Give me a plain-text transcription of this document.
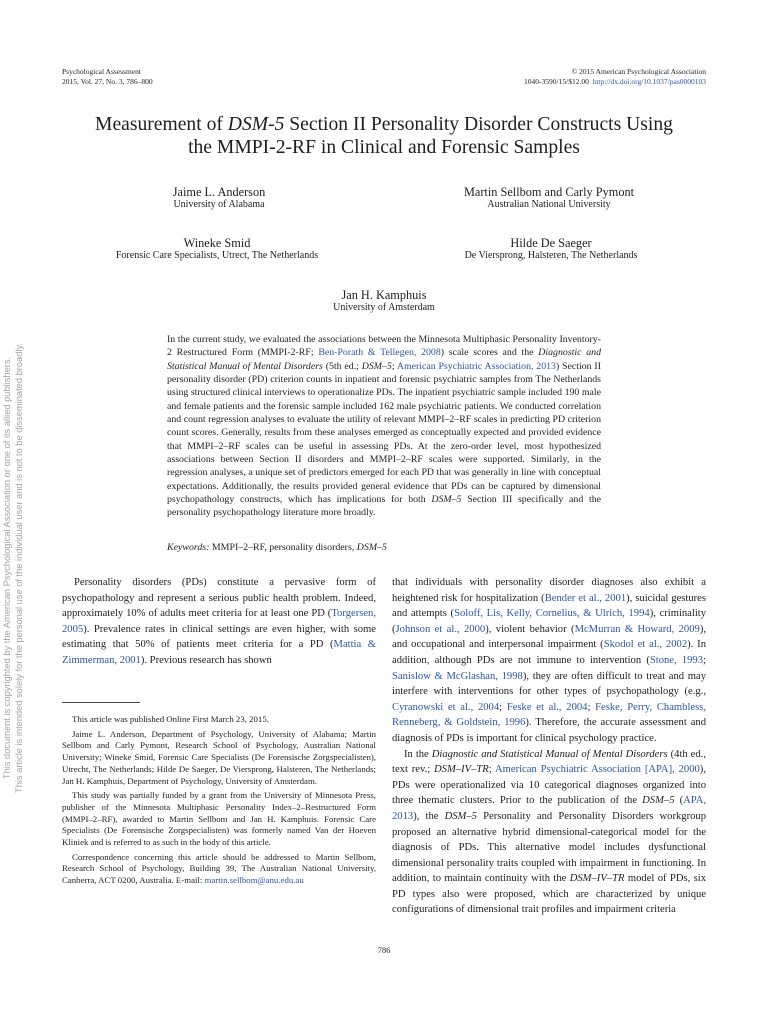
Psychological Assessment
2015, Vol. 27, No. 3, 786–800
© 2015 American Psychological Association
1040-3590/15/$12.00 http://dx.doi.org/10.1037/pas0000103
Measurement of DSM-5 Section II Personality Disorder Constructs Using
the MMPI-2-RF in Clinical and Forensic Samples
Jaime L. Anderson
University of Alabama
Martin Sellbom and Carly Pymont
Australian National University
Wineke Smid
Forensic Care Specialists, Utrect, The Netherlands
Hilde De Saeger
De Viersprong, Halsteren, The Netherlands
Jan H. Kamphuis
University of Amsterdam
In the current study, we evaluated the associations between the Minnesota Multiphasic Personality Inventory-2 Restructured Form (MMPI-2-RF; Ben-Porath & Tellegen, 2008) scale scores and the Diagnostic and Statistical Manual of Mental Disorders (5th ed.; DSM–5; American Psychiatric Association, 2013) Section II personality disorder (PD) criterion counts in inpatient and forensic psychiatric samples from The Netherlands using structured clinical interviews to operationalize PDs. The inpatient psychiatric sample included 190 male and female patients and the forensic sample included 162 male psychiatric patients. We conducted correlation and count regression analyses to evaluate the utility of relevant MMPI–2–RF scales in predicting PD criterion count scores. Generally, results from these analyses emerged as conceptually expected and provided evidence that MMPI–2–RF scales can be useful in assessing PDs. At the zero-order level, most hypothesized associations between Section II disorders and MMPI–2–RF scales were supported. Similarly, in the regression analyses, a unique set of predictors emerged for each PD that was generally in line with conceptual expectations. Additionally, the results provided general evidence that PDs can be captured by dimensional psychopathology constructs, which has implications for both DSM–5 Section III specifically and the personality psychopathology literature more broadly.
Keywords: MMPI–2–RF, personality disorders, DSM–5

Personality disorders (PDs) constitute a pervasive form of psychopathology and represent a serious public health problem. Indeed, approximately 10% of adults meet criteria for at least one PD (Torgersen, 2005). Prevalence rates in clinical settings are even higher, with some estimating that 50% of patients meet criteria for a PD (Mattia & Zimmerman, 2001). Previous research has shown

This article was published Online First March 23, 2015.

Jaime L. Anderson, Department of Psychology, University of Alabama; Martin Sellbom and Carly Pymont, Research School of Psychology, Australian National University; Wineke Smid, Forensic Care Specialists (De Forensische Zorgspecialisten), Utrecht, The Netherlands; Hilde De Saeger, De Viersprong, Halsteren, The Netherlands; Jan H. Kamphuis, Department of Psychology, University of Amsterdam.

This study was partially funded by a grant from the University of Minnesota Press, publisher of the Minnesota Multiphasic Personality Index–2–Restructured Form (MMPI–2–RF), awarded to Martin Sellbom and Jan H. Kamphuis. Forensic Care Specialists (De Forensische Zorgspecialisten) was formerly named Van der Hoeven Kliniek and is referred to as such in the body of this article.

Correspondence concerning this article should be addressed to Martin Sellbom, Research School of Psychology, Building 39, The Australian National University, Canberra, ACT 0200, Australia. E-mail: martin.sellbom@anu.edu.au

that individuals with personality disorder diagnoses also exhibit a heightened risk for hospitalization (Bender et al., 2001), suicidal gestures and attempts (Soloff, Lis, Kelly, Cornelius, & Ulrich, 1994), criminality (Johnson et al., 2000), violent behavior (McMurran & Howard, 2009), and occupational and interpersonal impairment (Skodol et al., 2002). In addition, although PDs are not immune to intervention (Stone, 1993; Sanislow & McGlashan, 1998), they are often difficult to treat and may interfere with interventions for other types of psychopathology (e.g., Cyranowski et al., 2004; Feske et al., 2004; Feske, Perry, Chambless, Renneberg, & Goldstein, 1996). Therefore, the accurate assessment and diagnosis of PDs is important for clinical psychology practice.

In the Diagnostic and Statistical Manual of Mental Disorders (4th ed., text rev.; DSM–IV–TR; American Psychiatric Association [APA], 2000), PDs were operationalized via 10 categorical diagnoses organized into three thematic clusters. Prior to the publication of the DSM–5 (APA, 2013), the DSM–5 Personality and Personality Disorders workgroup proposed an alternative hybrid dimensional-categorical model for the diagnosis of PDs. This alternative model includes dysfunctional dimensional personality traits coupled with impairment in functioning. In addition, to maintain continuity with the DSM–IV–TR model of PDs, six PD types also were proposed, which are characterized by unique configurations of dimensional trait profiles and impairment criteria

786
This document is copyrighted by the American Psychological Association or one of its allied publishers. This article is intended solely for the personal use of the individual user and is not to be disseminated broadly.
